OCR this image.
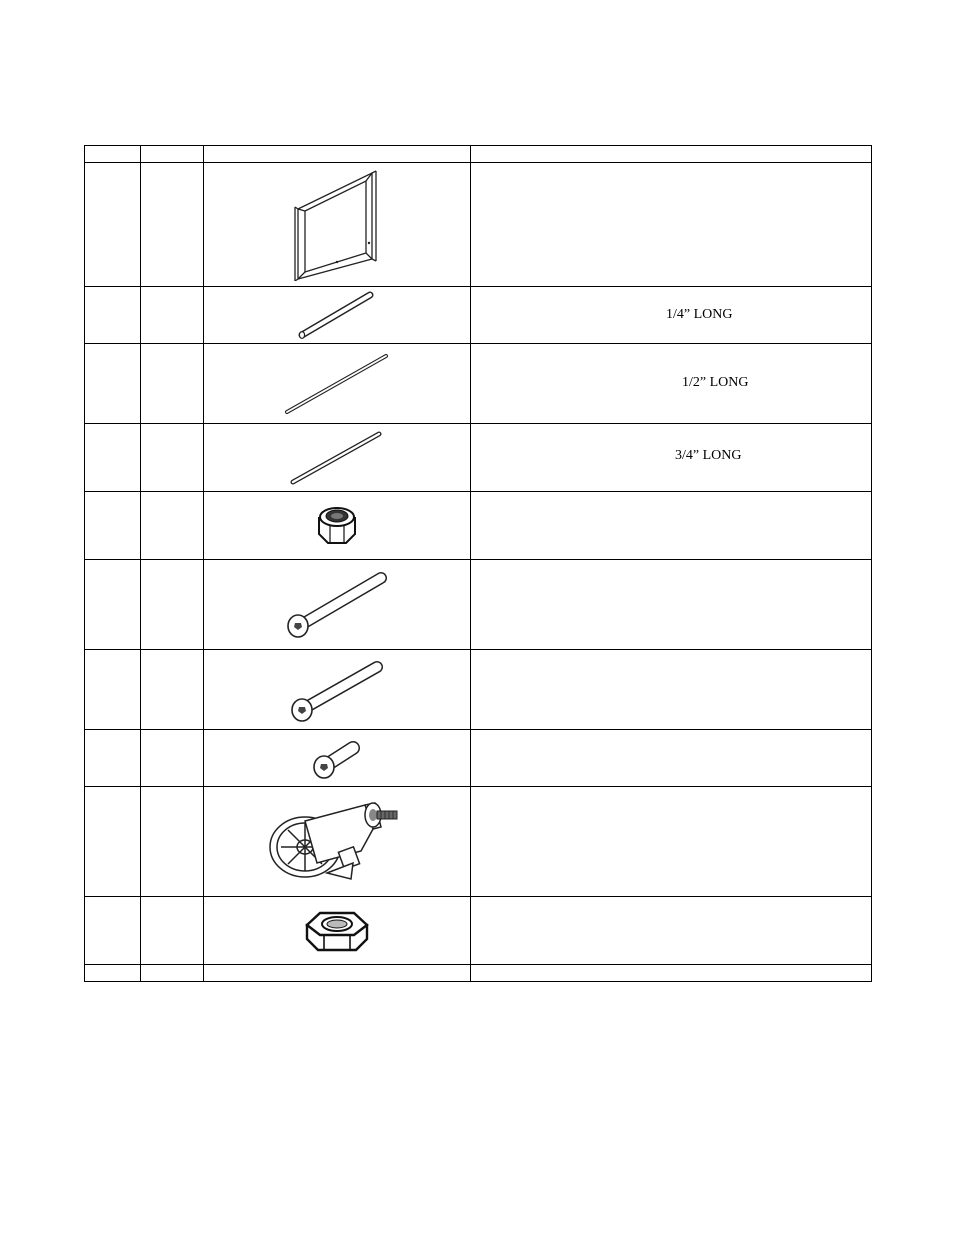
1/4” LONG

1/2” LONG

3/4” LONG
